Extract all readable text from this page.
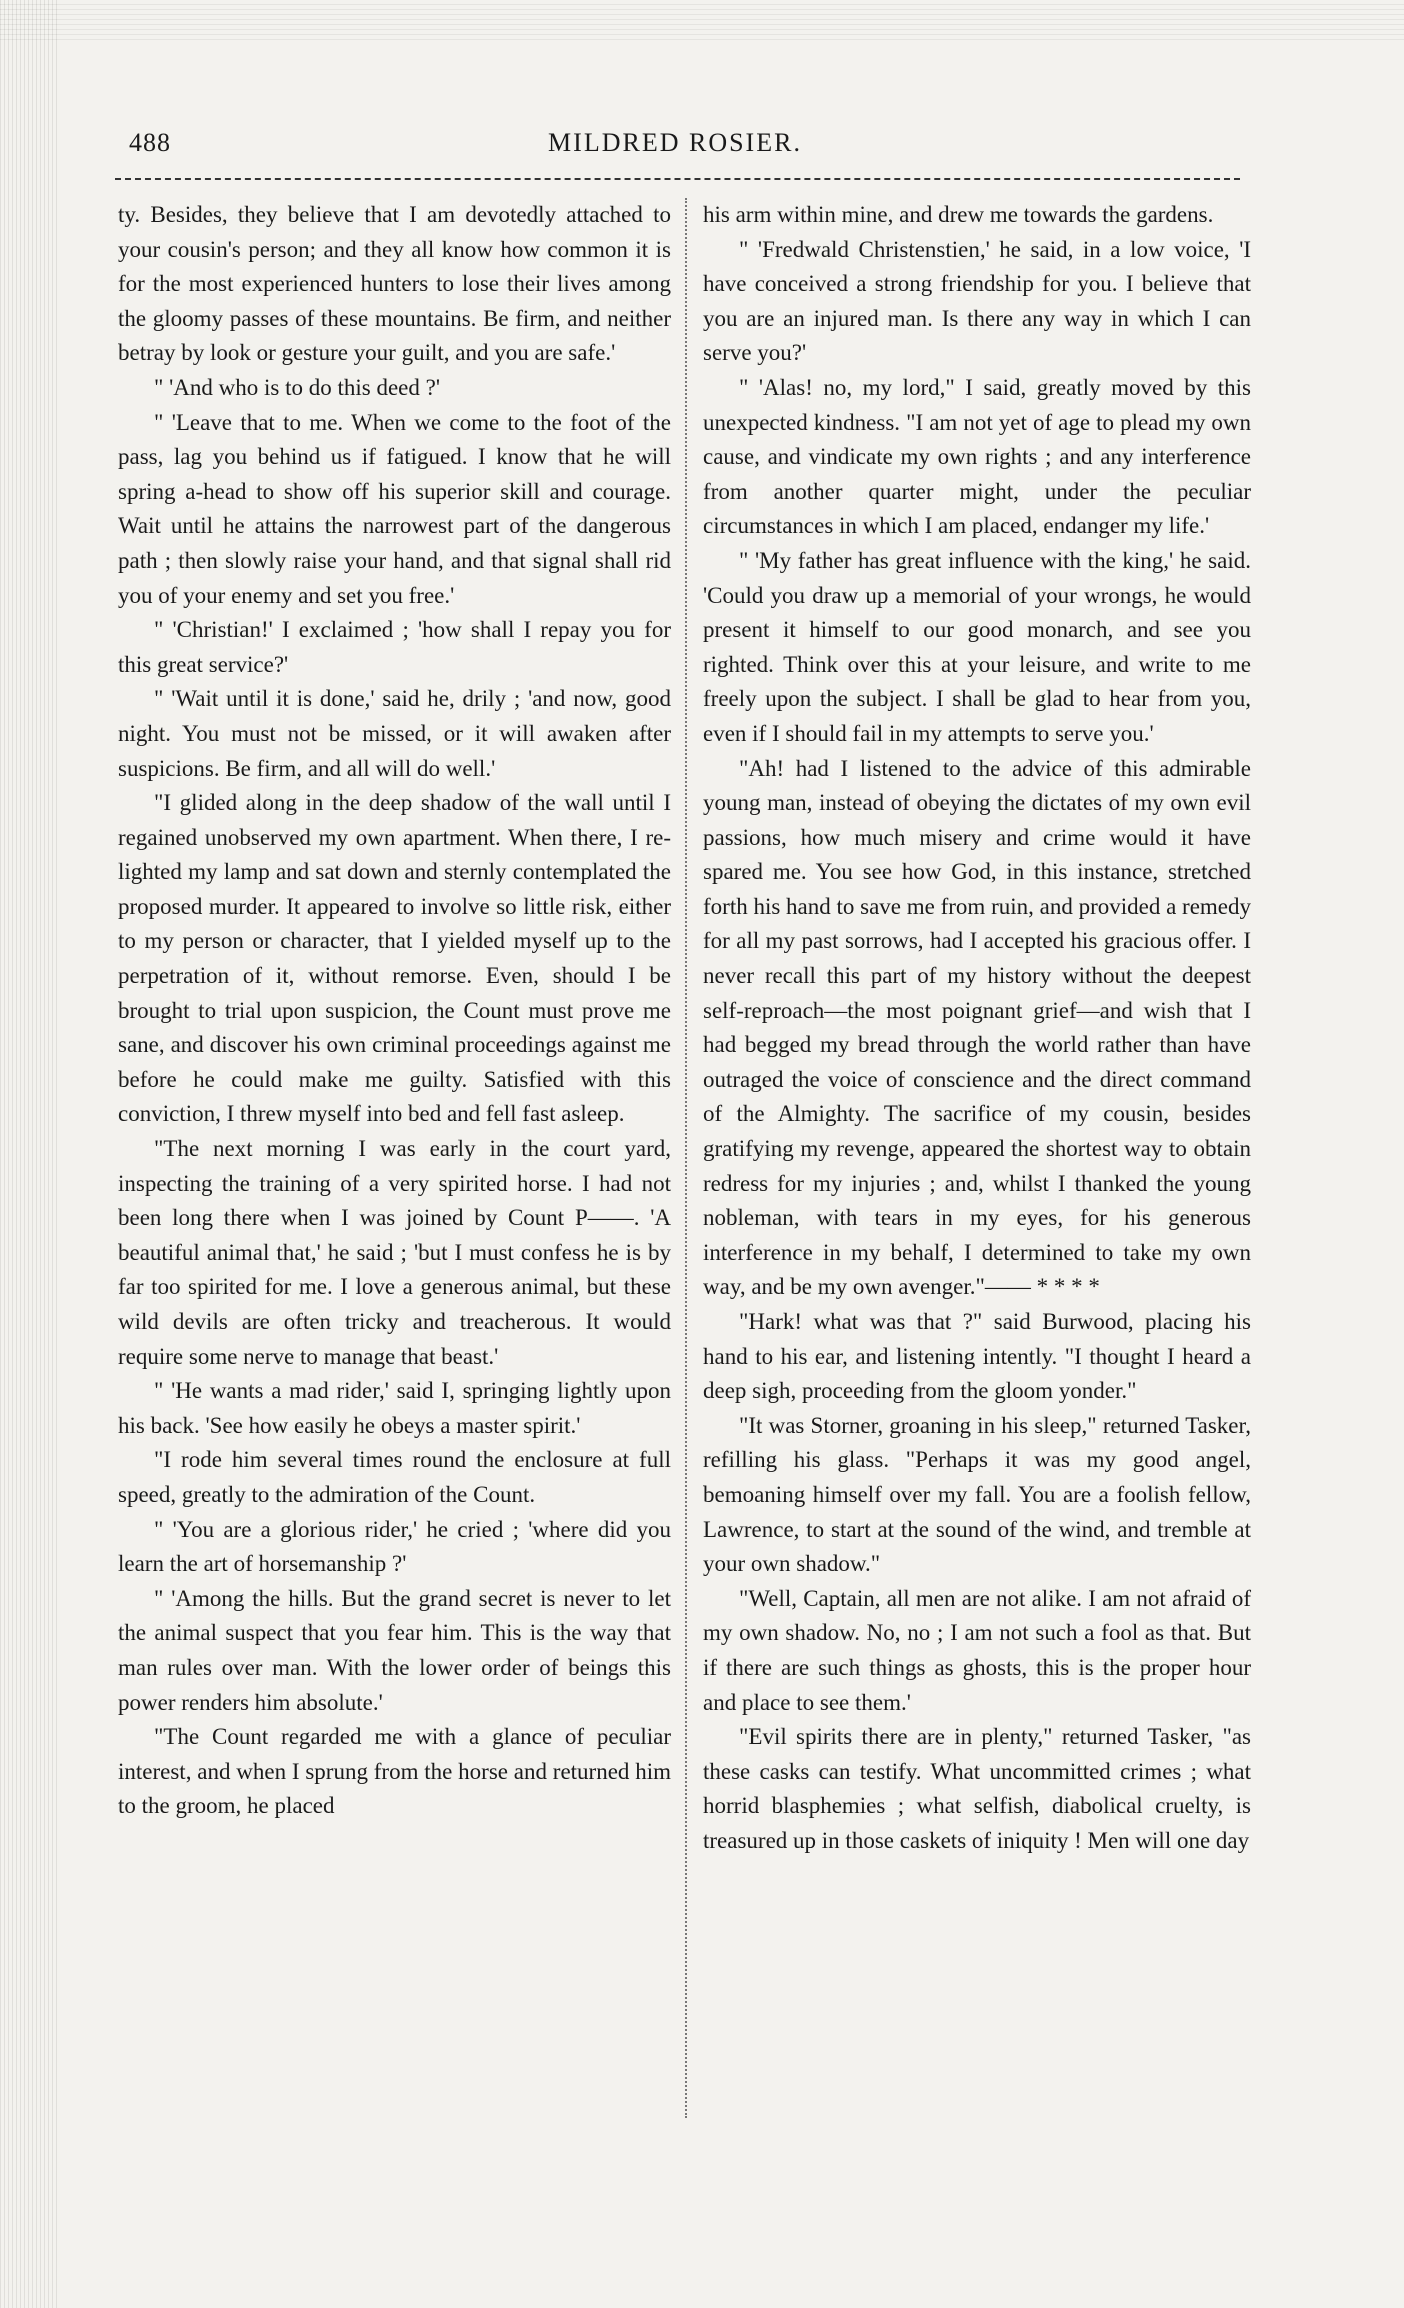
488	MILDRED ROSIER.

ty. Besides, they believe that I am devotedly attached to your cousin's person; and they all know how common it is for the most experienced hunters to lose their lives among the gloomy passes of these mountains. Be firm, and neither betray by look or gesture your guilt, and you are safe.'

" 'And who is to do this deed ?'

" 'Leave that to me. When we come to the foot of the pass, lag you behind us if fatigued. I know that he will spring a-head to show off his superior skill and courage. Wait until he attains the narrowest part of the dangerous path ; then slowly raise your hand, and that signal shall rid you of your enemy and set you free.'

" 'Christian!' I exclaimed ; 'how shall I repay you for this great service?'

" 'Wait until it is done,' said he, drily ; 'and now, good night. You must not be missed, or it will awaken after suspicions. Be firm, and all will do well.'

"I glided along in the deep shadow of the wall until I regained unobserved my own apartment. When there, I re-lighted my lamp and sat down and sternly contemplated the proposed murder. It appeared to involve so little risk, either to my person or character, that I yielded myself up to the perpetration of it, without remorse. Even, should I be brought to trial upon suspicion, the Count must prove me sane, and discover his own criminal proceedings against me before he could make me guilty. Satisfied with this conviction, I threw myself into bed and fell fast asleep.

"The next morning I was early in the court yard, inspecting the training of a very spirited horse. I had not been long there when I was joined by Count P——. 'A beautiful animal that,' he said ; 'but I must confess he is by far too spirited for me. I love a generous animal, but these wild devils are often tricky and treacherous. It would require some nerve to manage that beast.'

" 'He wants a mad rider,' said I, springing lightly upon his back. 'See how easily he obeys a master spirit.'

"I rode him several times round the enclosure at full speed, greatly to the admiration of the Count.

" 'You are a glorious rider,' he cried ; 'where did you learn the art of horsemanship ?'

" 'Among the hills. But the grand secret is never to let the animal suspect that you fear him. This is the way that man rules over man. With the lower order of beings this power renders him absolute.'

"The Count regarded me with a glance of peculiar interest, and when I sprung from the horse and returned him to the groom, he placed

his arm within mine, and drew me towards the gardens.

" 'Fredwald Christenstien,' he said, in a low voice, 'I have conceived a strong friendship for you. I believe that you are an injured man. Is there any way in which I can serve you?'

" 'Alas! no, my lord," I said, greatly moved by this unexpected kindness. "I am not yet of age to plead my own cause, and vindicate my own rights ; and any interference from another quarter might, under the peculiar circumstances in which I am placed, endanger my life.'

" 'My father has great influence with the king,' he said. 'Could you draw up a memorial of your wrongs, he would present it himself to our good monarch, and see you righted. Think over this at your leisure, and write to me freely upon the subject. I shall be glad to hear from you, even if I should fail in my attempts to serve you.'

"Ah! had I listened to the advice of this admirable young man, instead of obeying the dictates of my own evil passions, how much misery and crime would it have spared me. You see how God, in this instance, stretched forth his hand to save me from ruin, and provided a remedy for all my past sorrows, had I accepted his gracious offer. I never recall this part of my history without the deepest self-reproach—the most poignant grief—and wish that I had begged my bread through the world rather than have outraged the voice of conscience and the direct command of the Almighty. The sacrifice of my cousin, besides gratifying my revenge, appeared the shortest way to obtain redress for my injuries ; and, whilst I thanked the young nobleman, with tears in my eyes, for his generous interference in my behalf, I determined to take my own way, and be my own avenger."—— * * * *

"Hark! what was that ?" said Burwood, placing his hand to his ear, and listening intently. "I thought I heard a deep sigh, proceeding from the gloom yonder."

"It was Storner, groaning in his sleep," returned Tasker, refilling his glass. "Perhaps it was my good angel, bemoaning himself over my fall. You are a foolish fellow, Lawrence, to start at the sound of the wind, and tremble at your own shadow."

"Well, Captain, all men are not alike. I am not afraid of my own shadow. No, no ; I am not such a fool as that. But if there are such things as ghosts, this is the proper hour and place to see them.'

"Evil spirits there are in plenty," returned Tasker, "as these casks can testify. What uncommitted crimes ; what horrid blasphemies ; what selfish, diabolical cruelty, is treasured up in those caskets of iniquity ! Men will one day
